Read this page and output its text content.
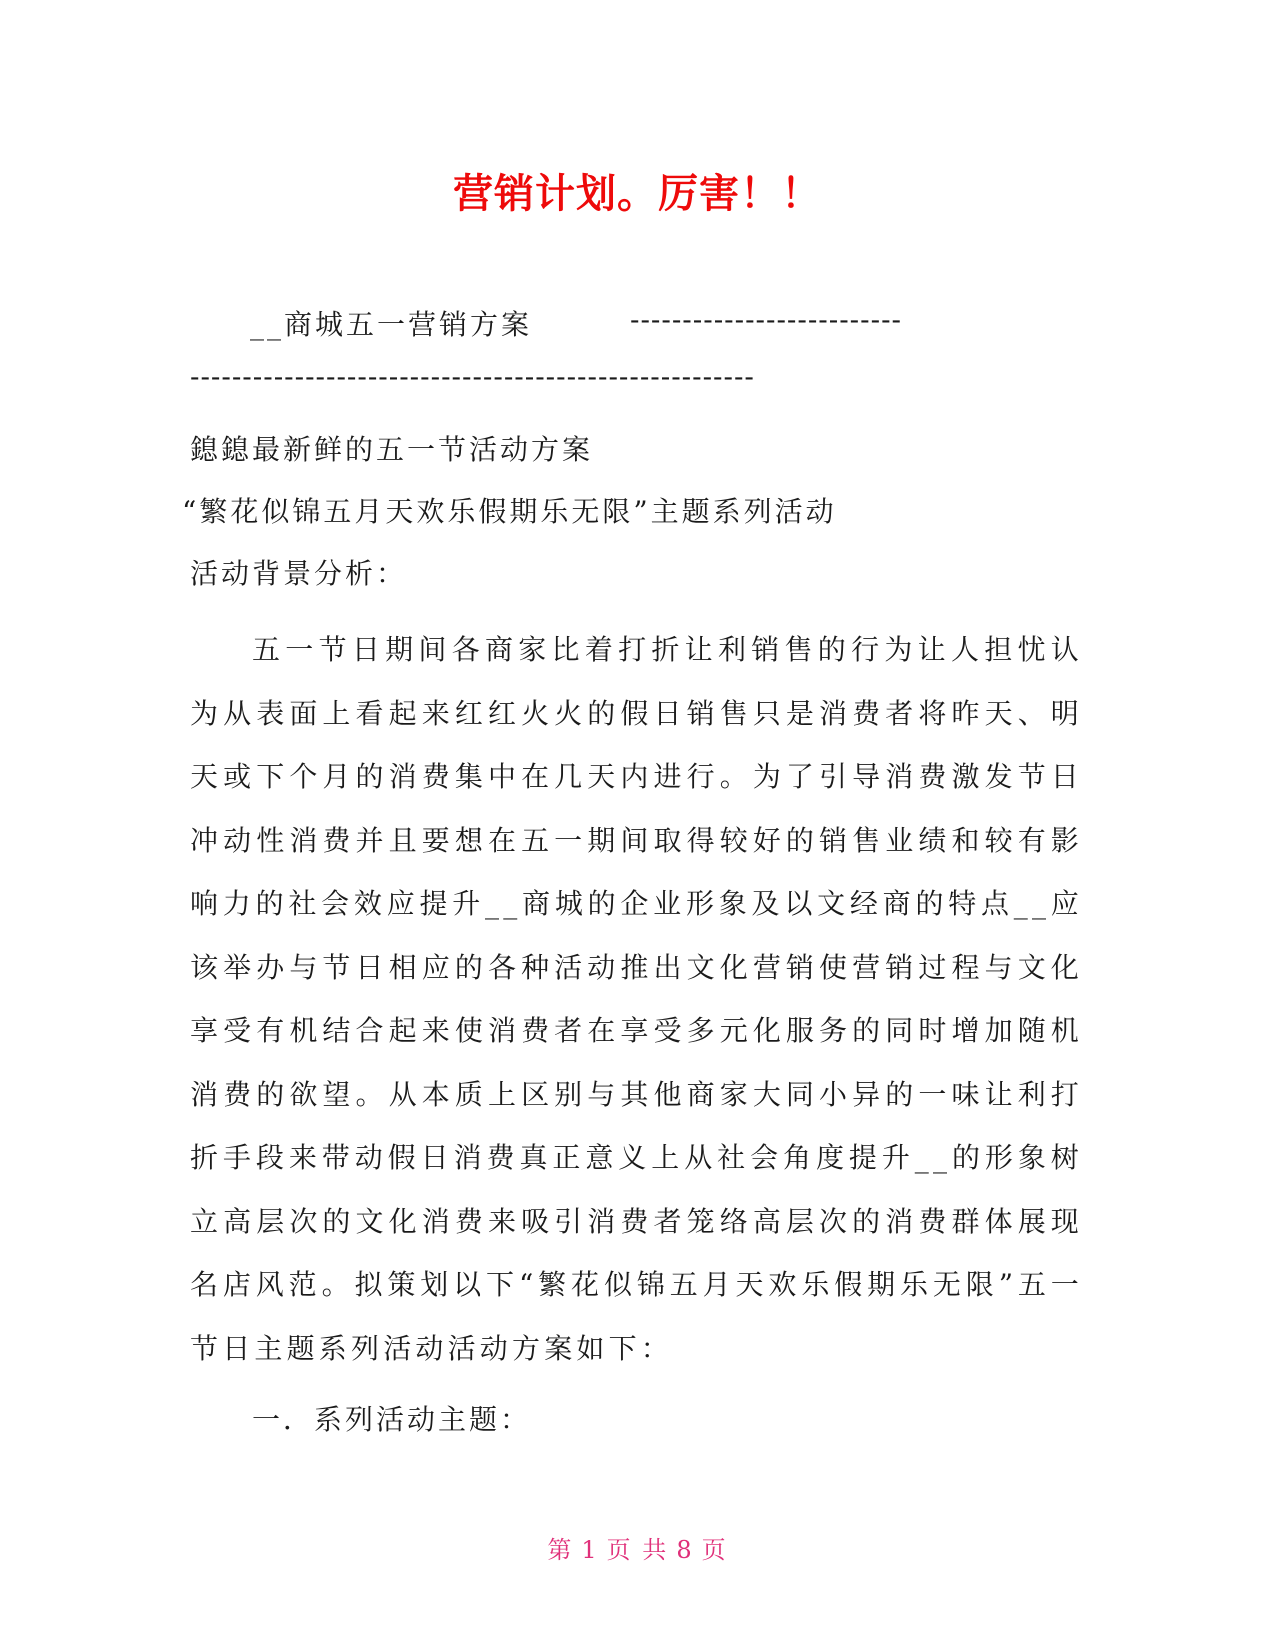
营销计划。厉害！！
__商城五一营销方案	--------------------------
------------------------------------------------------
鎴鎴最新鲜的五一节活动方案
“繁花似锦五月天欢乐假期乐无限”主题系列活动
活动背景分析：
五一节日期间各商家比着打折让利销售的行为让人担忧认为从表面上看起来红红火火的假日销售只是消费者将昨天、明天或下个月的消费集中在几天内进行。为了引导消费激发节日冲动性消费并且要想在五一期间取得较好的销售业绩和较有影响力的社会效应提升__商城的企业形象及以文经商的特点__应该举办与节日相应的各种活动推出文化营销使营销过程与文化享受有机结合起来使消费者在享受多元化服务的同时增加随机消费的欲望。从本质上区别与其他商家大同小异的一味让利打折手段来带动假日消费真正意义上从社会角度提升__的形象树立高层次的文化消费来吸引消费者笼络高层次的消费群体展现名店风范。拟策划以下“繁花似锦五月天欢乐假期乐无限”五一节日主题系列活动活动方案如下：
一．系列活动主题：
第 1 页 共 8 页
